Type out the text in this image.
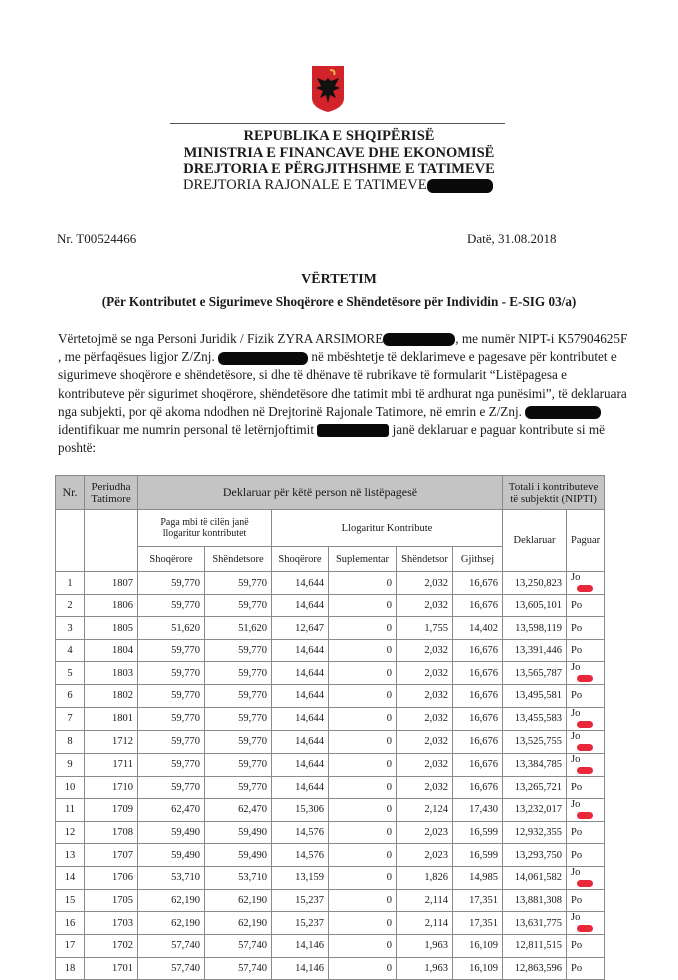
REPUBLIKA E SHQIPËRISË
MINISTRIA E FINANCAVE DHE EKONOMISË
DREJTORIA E PËRGJITHSHME E TATIMEVE
DREJTORIA RAJONALE E TATIMEVE
Nr. T00524466	Datë, 31.08.2018
VËRTETIM
(Për Kontributet e Sigurimeve Shoqërore e Shëndetësore për Individin - E-SIG 03/a)

Vërtetojmë se nga Personi Juridik / Fizik ZYRA ARSIMORE	, me numër NIPT-i K57904625F , me përfaqësues ligjor Z/Znj.	në mbështetje të deklarimeve e pagesave për kontributet e sigurimeve shoqërore e shëndetësore, si dhe të dhënave të rubrikave të formularit “Listëpagesa e kontributeve për sigurimet shoqërore, shëndetësore dhe tatimit mbi të ardhurat nga punësimi”, të deklaruara nga subjekti, por që akoma ndodhen në Drejtorinë Rajonale Tatimore, në emrin e Z/Znj.  identifikuar me numrin personal të letërnjoftimit	janë deklaruar e paguar kontribute si më poshtë:

Nr.	Periudha Tatimore	Deklaruar për këtë person në listëpagesë						Totali i kontributeve të subjektit (NIPTI)	
		Paga mbi të cilën janë llogaritur kontributet		Llogaritur Kontribute				Deklaruar	Paguar
		Shoqërore	Shëndetsore	Shoqërore	Suplementar	Shëndetsor	Gjithsej		
1	1807	59,770	59,770	14,644	0	2,032	16,676	13,250,823	Jo
2	1806	59,770	59,770	14,644	0	2,032	16,676	13,605,101	Po
3	1805	51,620	51,620	12,647	0	1,755	14,402	13,598,119	Po
4	1804	59,770	59,770	14,644	0	2,032	16,676	13,391,446	Po
5	1803	59,770	59,770	14,644	0	2,032	16,676	13,565,787	Jo
6	1802	59,770	59,770	14,644	0	2,032	16,676	13,495,581	Po
7	1801	59,770	59,770	14,644	0	2,032	16,676	13,455,583	Jo
8	1712	59,770	59,770	14,644	0	2,032	16,676	13,525,755	Jo
9	1711	59,770	59,770	14,644	0	2,032	16,676	13,384,785	Jo
10	1710	59,770	59,770	14,644	0	2,032	16,676	13,265,721	Po
11	1709	62,470	62,470	15,306	0	2,124	17,430	13,232,017	Jo
12	1708	59,490	59,490	14,576	0	2,023	16,599	12,932,355	Po
13	1707	59,490	59,490	14,576	0	2,023	16,599	13,293,750	Po
14	1706	53,710	53,710	13,159	0	1,826	14,985	14,061,582	Jo
15	1705	62,190	62,190	15,237	0	2,114	17,351	13,881,308	Po
16	1703	62,190	62,190	15,237	0	2,114	17,351	13,631,775	Jo
17	1702	57,740	57,740	14,146	0	1,963	16,109	12,811,515	Po
18	1701	57,740	57,740	14,146	0	1,963	16,109	12,863,596	Po
